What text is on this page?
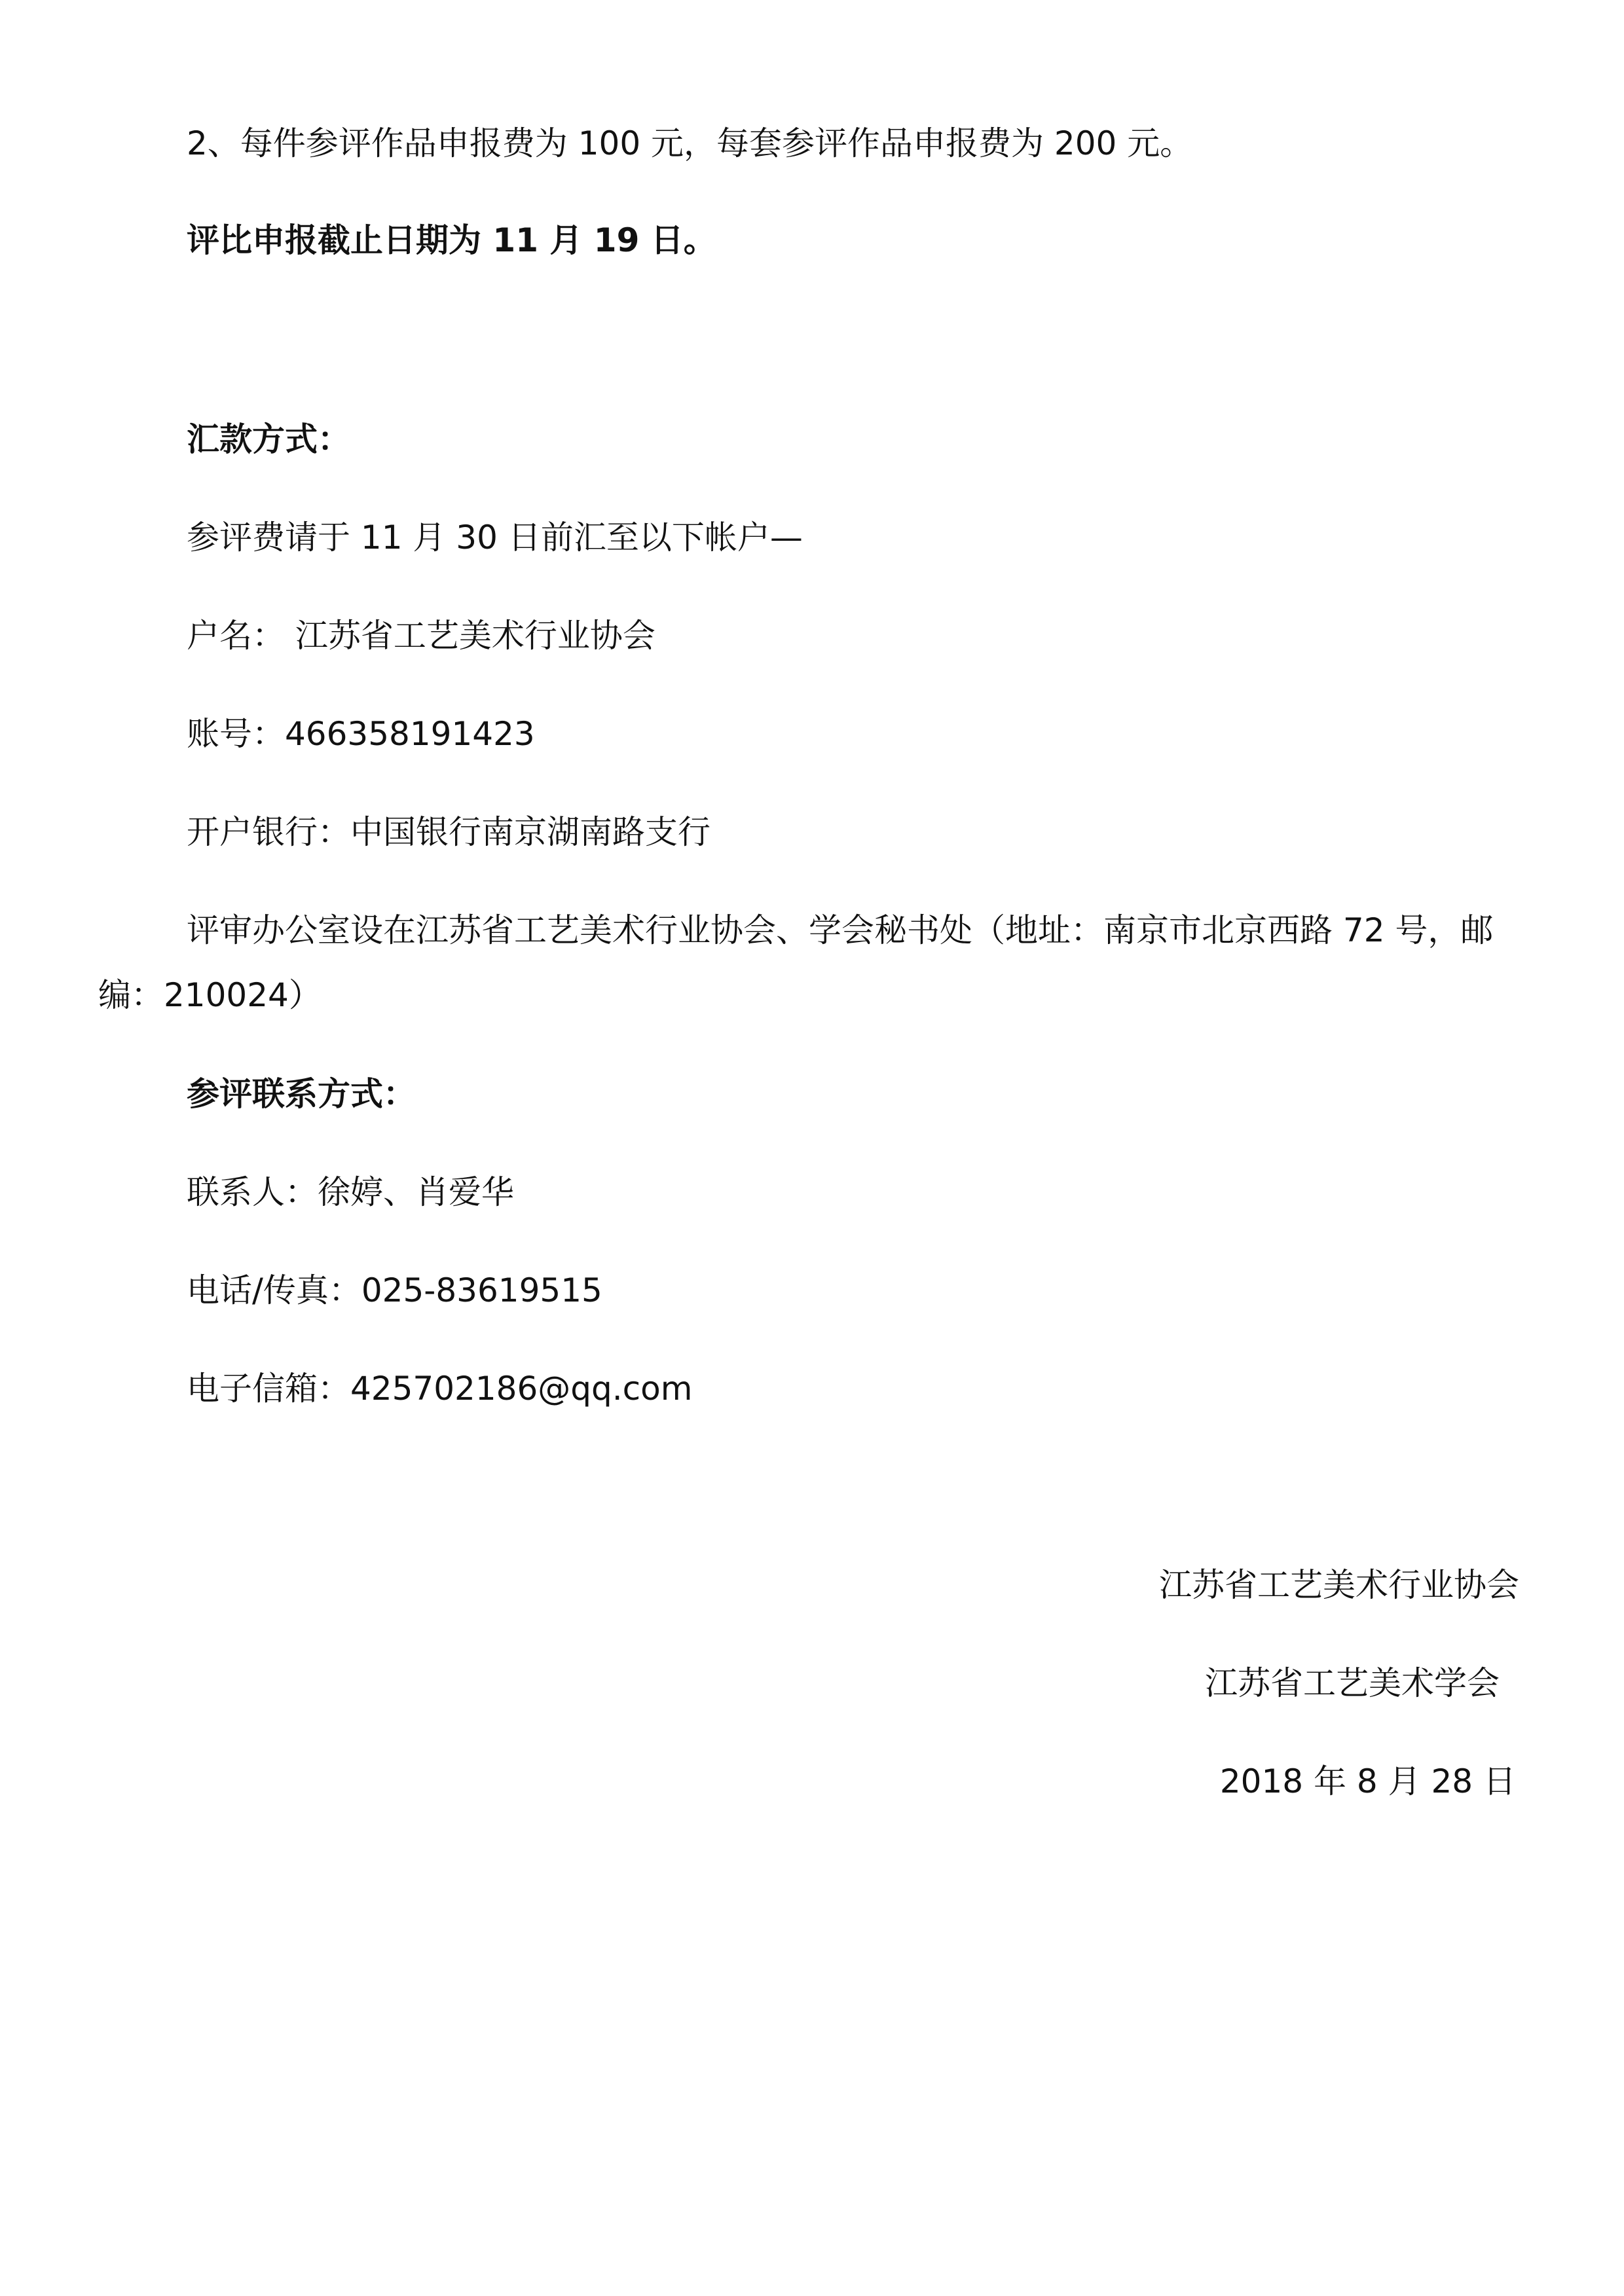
2、每件参评作品申报费为 100 元，每套参评作品申报费为 200 元。
评比申报截止日期为 11 月 19 日。
汇款方式：
参评费请于 11 月 30 日前汇至以下帐户—
户名： 江苏省工艺美术行业协会
账号：466358191423
开户银行：中国银行南京湖南路支行
评审办公室设在江苏省工艺美术行业协会、学会秘书处（地址：南京市北京西路 72 号，邮
编：210024）
参评联系方式：
联系人：徐婷、肖爱华
电话/传真：025-83619515
电子信箱：425702186@qq.com
江苏省工艺美术行业协会
江苏省工艺美术学会
2018 年 8 月 28 日
